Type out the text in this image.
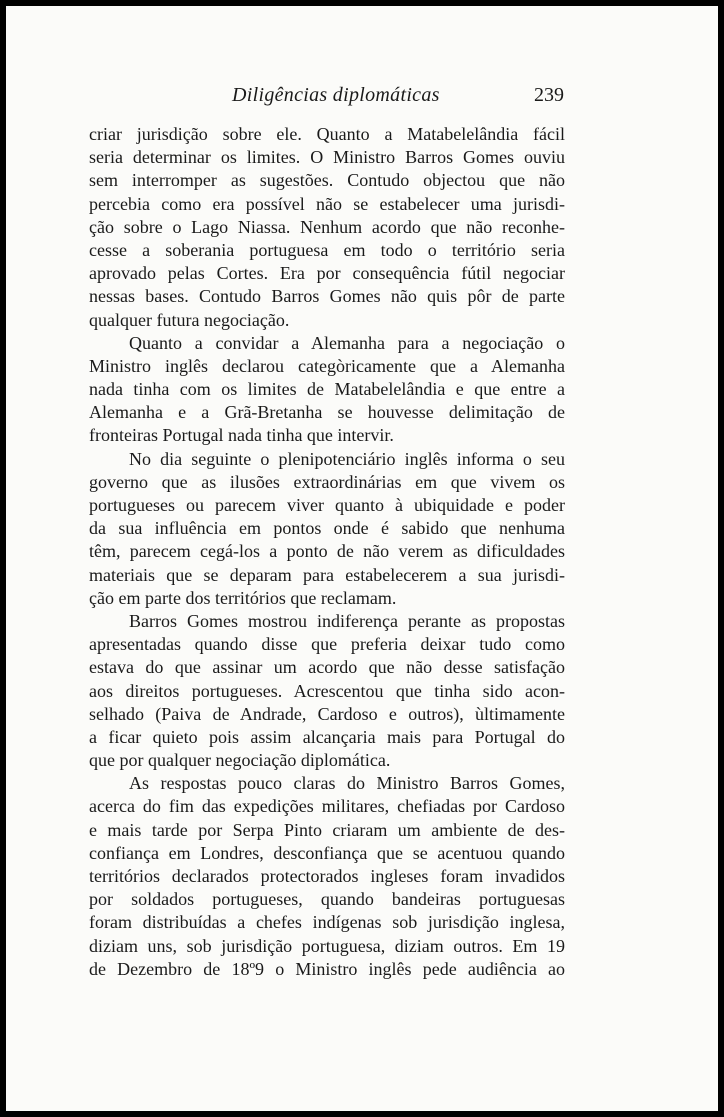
Diligências diplomáticas	239
criar jurisdição sobre ele. Quanto a Matabelelândia fácil
seria determinar os limites. O Ministro Barros Gomes ouviu
sem interromper as sugestões. Contudo objectou que não
percebia como era possível não se estabelecer uma jurisdi-
ção sobre o Lago Niassa. Nenhum acordo que não reconhe-
cesse a soberania portuguesa em todo o território seria
aprovado pelas Cortes. Era por consequência fútil negociar
nessas bases. Contudo Barros Gomes não quis pôr de parte
qualquer futura negociação.
Quanto a convidar a Alemanha para a negociação o
Ministro inglês declarou categòricamente que a Alemanha
nada tinha com os limites de Matabelelândia e que entre a
Alemanha e a Grã-Bretanha se houvesse delimitação de
fronteiras Portugal nada tinha que intervir.
No dia seguinte o plenipotenciário inglês informa o seu
governo que as ilusões extraordinárias em que vivem os
portugueses ou parecem viver quanto à ubiquidade e poder
da sua influência em pontos onde é sabido que nenhuma
têm, parecem cegá-los a ponto de não verem as dificuldades
materiais que se deparam para estabelecerem a sua jurisdi-
ção em parte dos territórios que reclamam.
Barros Gomes mostrou indiferença perante as propostas
apresentadas quando disse que preferia deixar tudo como
estava do que assinar um acordo que não desse satisfação
aos direitos portugueses. Acrescentou que tinha sido acon-
selhado (Paiva de Andrade, Cardoso e outros), ùltimamente
a ficar quieto pois assim alcançaria mais para Portugal do
que por qualquer negociação diplomática.
As respostas pouco claras do Ministro Barros Gomes,
acerca do fim das expedições militares, chefiadas por Cardoso
e mais tarde por Serpa Pinto criaram um ambiente de des-
confiança em Londres, desconfiança que se acentuou quando
territórios declarados protectorados ingleses foram invadidos
por soldados portugueses, quando bandeiras portuguesas
foram distribuídas a chefes indígenas sob jurisdição inglesa,
diziam uns, sob jurisdição portuguesa, diziam outros. Em 19
de Dezembro de 18º9 o Ministro inglês pede audiência ao
